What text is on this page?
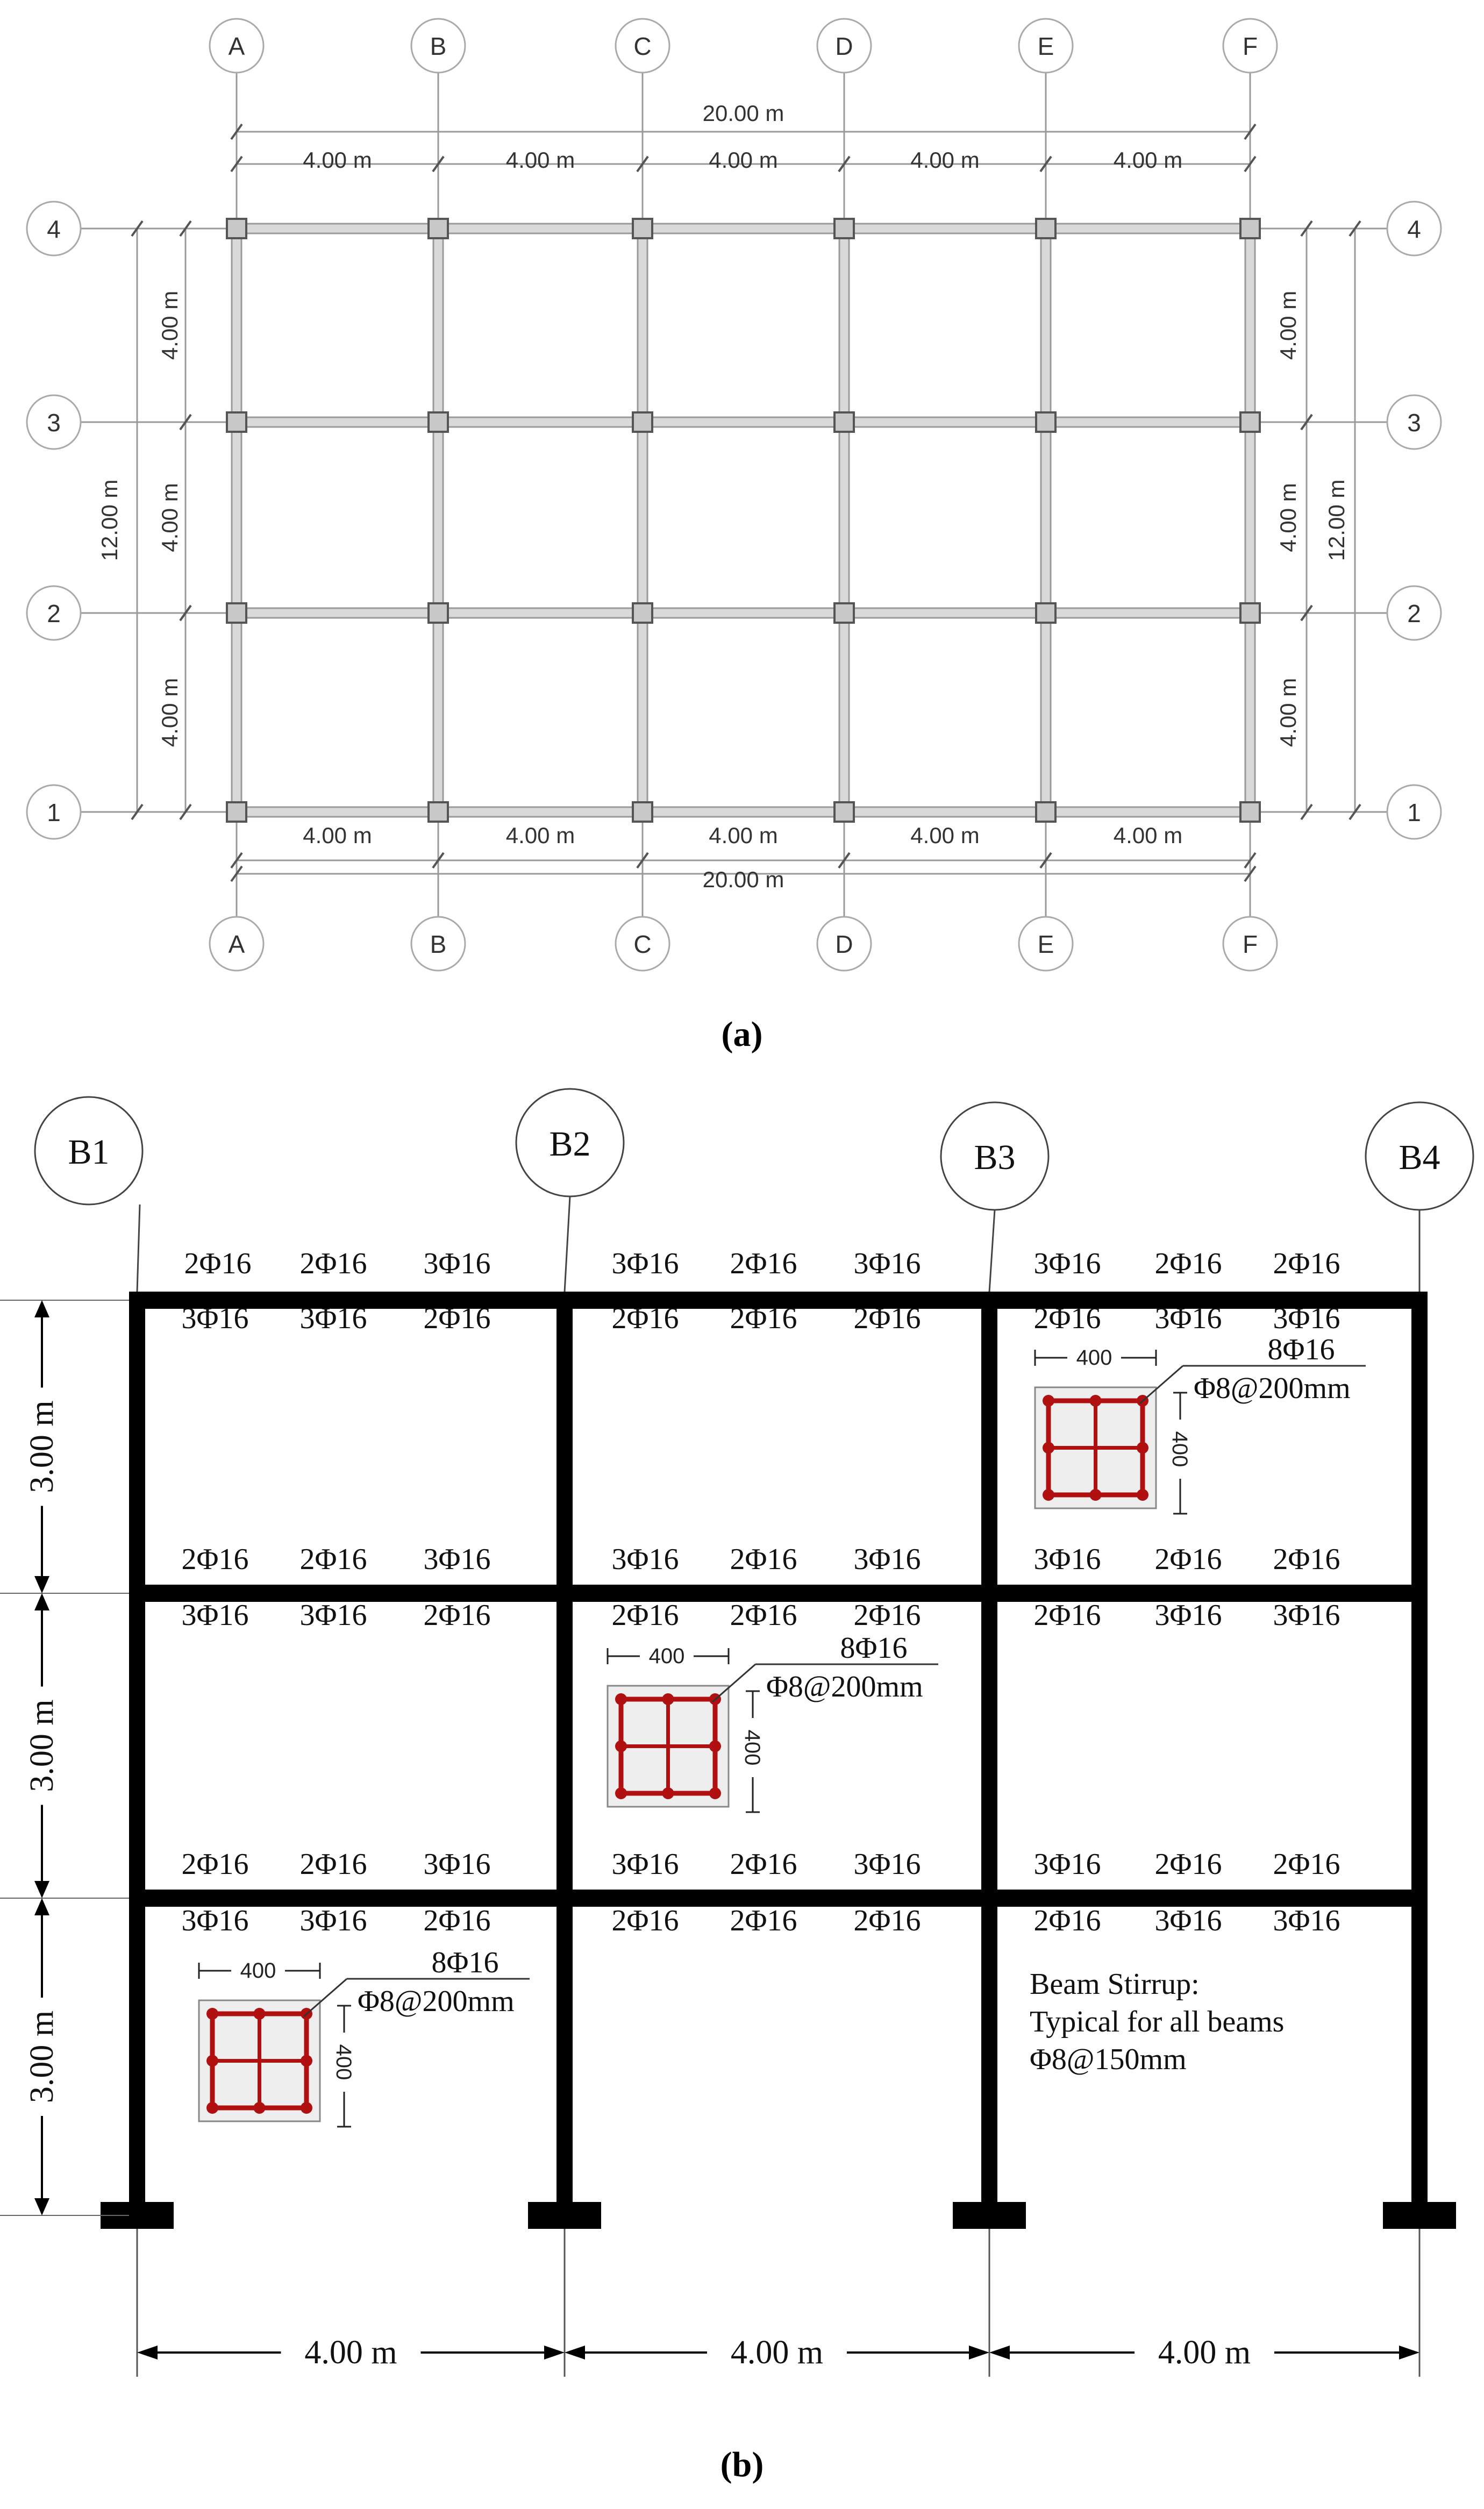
A
A
B
B
C
C
D
D
E
E
F
F
1	1
2	2
3	3
4	4
20.00 m
4.00 m	4.00 m	4.00 m	4.00 m	4.00 m
4.00 m	4.00 m	4.00 m	4.00 m	4.00 m
20.00 m
12.00 m
4.00 m
4.00 m
4.00 m
4.00 m
4.00 m
4.00 m
12.00 m
(a)
B1	B2	B3	B4
3.00 m
3.00 m
3.00 m
4.00 m	4.00 m	4.00 m
2Φ16 2Φ16 3Φ16	3Φ16 2Φ16 3Φ16	3Φ16 2Φ16 2Φ16
3Φ16 3Φ16 2Φ16	2Φ16 2Φ16 2Φ16	2Φ16 3Φ16 3Φ16
2Φ16 2Φ16 3Φ16	3Φ16 2Φ16 3Φ16	3Φ16 2Φ16 2Φ16
3Φ16 3Φ16 2Φ16	2Φ16 2Φ16 2Φ16	2Φ16 3Φ16 3Φ16
2Φ16 2Φ16 3Φ16	3Φ16 2Φ16 3Φ16	3Φ16 2Φ16 2Φ16
3Φ16 3Φ16 2Φ16	2Φ16 2Φ16 2Φ16	2Φ16 3Φ16 3Φ16
400	8Φ16
Φ8@200mm
400
400	8Φ16
Φ8@200mm
400
400	8Φ16
Φ8@200mm
400
Beam Stirrup:
Typical for all beams
Φ8@150mm
(b)
